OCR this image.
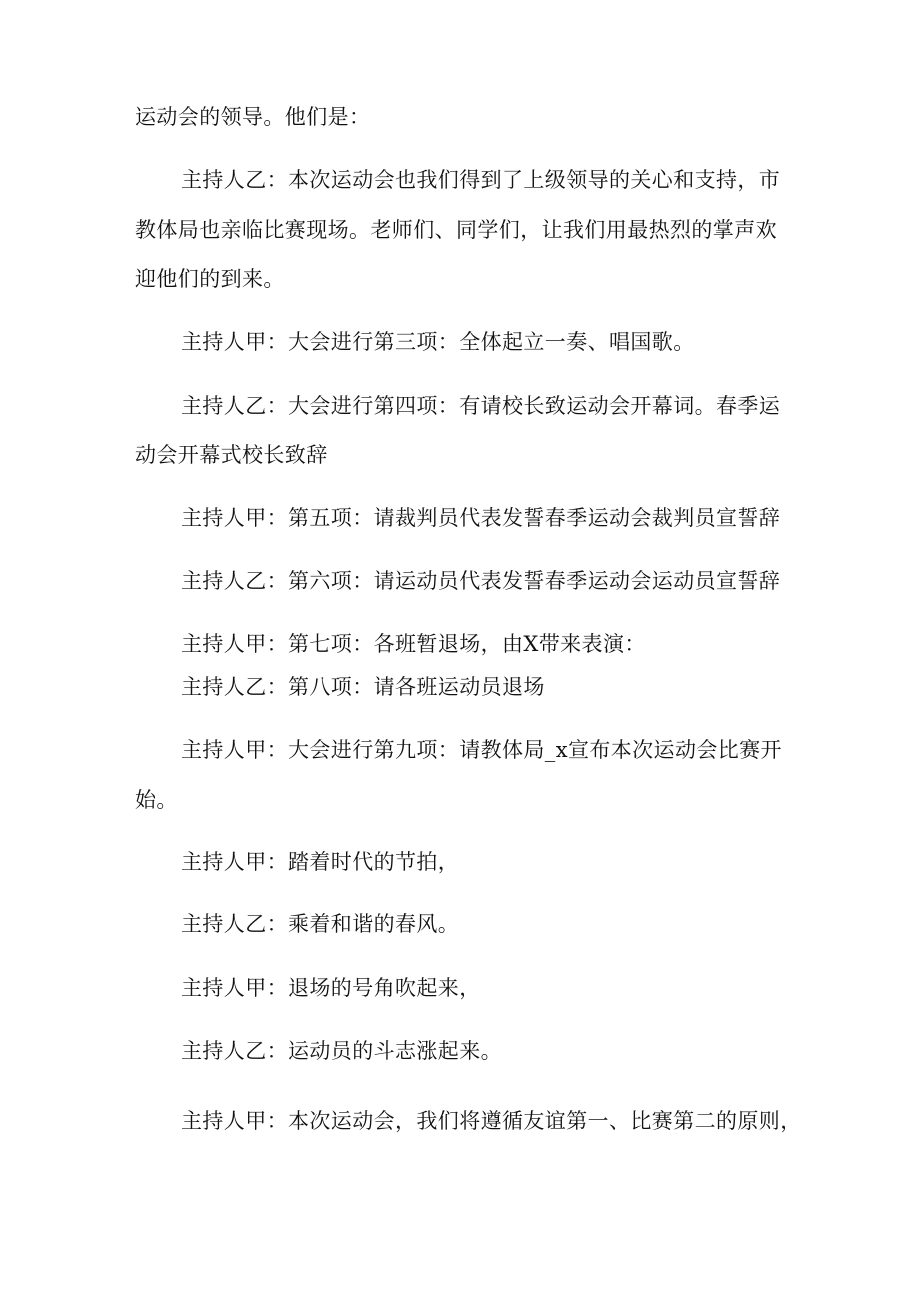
运动会的领导。他们是：
主持人乙：本次运动会也我们得到了上级领导的关心和支持，市
教体局也亲临比赛现场。老师们、同学们，让我们用最热烈的掌声欢
迎他们的到来。
主持人甲：大会进行第三项：全体起立一奏、唱国歌。
主持人乙：大会进行第四项：有请校长致运动会开幕词。春季运
动会开幕式校长致辞
主持人甲：第五项：请裁判员代表发誓春季运动会裁判员宣誓辞
主持人乙：第六项：请运动员代表发誓春季运动会运动员宣誓辞
主持人甲：第七项：各班暂退场，由X带来表演：
主持人乙：第八项：请各班运动员退场
主持人甲：大会进行第九项：请教体局_x宣布本次运动会比赛开
始。
主持人甲：踏着时代的节拍，
主持人乙：乘着和谐的春风。
主持人甲：退场的号角吹起来，
主持人乙：运动员的斗志涨起来。
主持人甲：本次运动会，我们将遵循友谊第一、比赛第二的原则，
